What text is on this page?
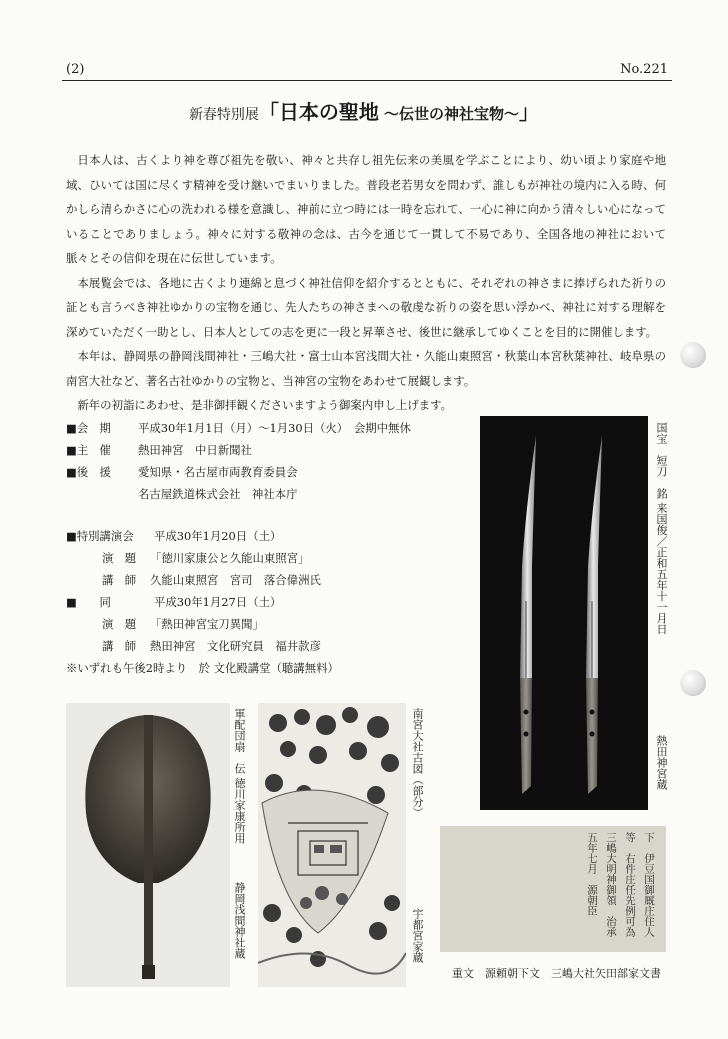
(2)	No.221
新春特別展「日本の聖地 〜伝世の神社宝物〜」

日本人は、古くより神を尊び祖先を敬い、神々と共存し祖先伝来の美風を学ぶことにより、幼い頃より家庭や地域、ひいては国に尽くす精神を受け継いでまいりました。普段老若男女を問わず、誰しもが神社の境内に入る時、何かしら清らかさに心の洗われる様を意識し、神前に立つ時には一時を忘れて、一心に神に向かう清々しい心になっていることでありましょう。神々に対する敬神の念は、古今を通じて一貫して不易であり、全国各地の神社において脈々とその信仰を現在に伝世しています。

本展覧会では、各地に古くより連綿と息づく神社信仰を紹介するとともに、それぞれの神さまに捧げられた祈りの証とも言うべき神社ゆかりの宝物を通じ、先人たちの神さまへの敬虔な祈りの姿を思い浮かべ、神社に対する理解を深めていただく一助とし、日本人としての志を更に一段と昇華させ、後世に継承してゆくことを目的に開催します。

本年は、静岡県の静岡浅間神社・三嶋大社・富士山本宮浅間大社・久能山東照宮・秋葉山本宮秋葉神社、岐阜県の南宮大社など、著名古社ゆかりの宝物と、当神宮の宝物をあわせて展観します。

新年の初詣にあわせ、是非御拝観くださいますよう御案内申し上げます。

■会　期 平成30年1月1日（月）〜1月30日（火）　会期中無休
■主　催 熱田神宮　中日新聞社
■後　援 愛知県・名古屋市両教育委員会
名古屋鉄道株式会社　神社本庁
■特別講演会 平成30年1月20日（土）
演　題 「徳川家康公と久能山東照宮」
講　師 久能山東照宮　宮司　落合偉洲氏
■　　同	平成30年1月27日（土）
演　題 「熱田神宮宝刀異聞」
講　師 熱田神宮　文化研究員　福井款彦
※いずれも午後2時より　於 文化殿講堂（聴講無料）
国宝　短刀　銘 来国俊／正和五年十一月日
熱田神宮蔵
軍配団扇　伝 徳川家康所用
静岡浅間神社蔵
南宮大社古図（部分）
宇都宮家蔵	下　伊豆国御厩庄住人等　右件庄任先例可為三嶋大明神御領　治承五年七月　源朝臣
重文　源頼朝下文　三嶋大社矢田部家文書
